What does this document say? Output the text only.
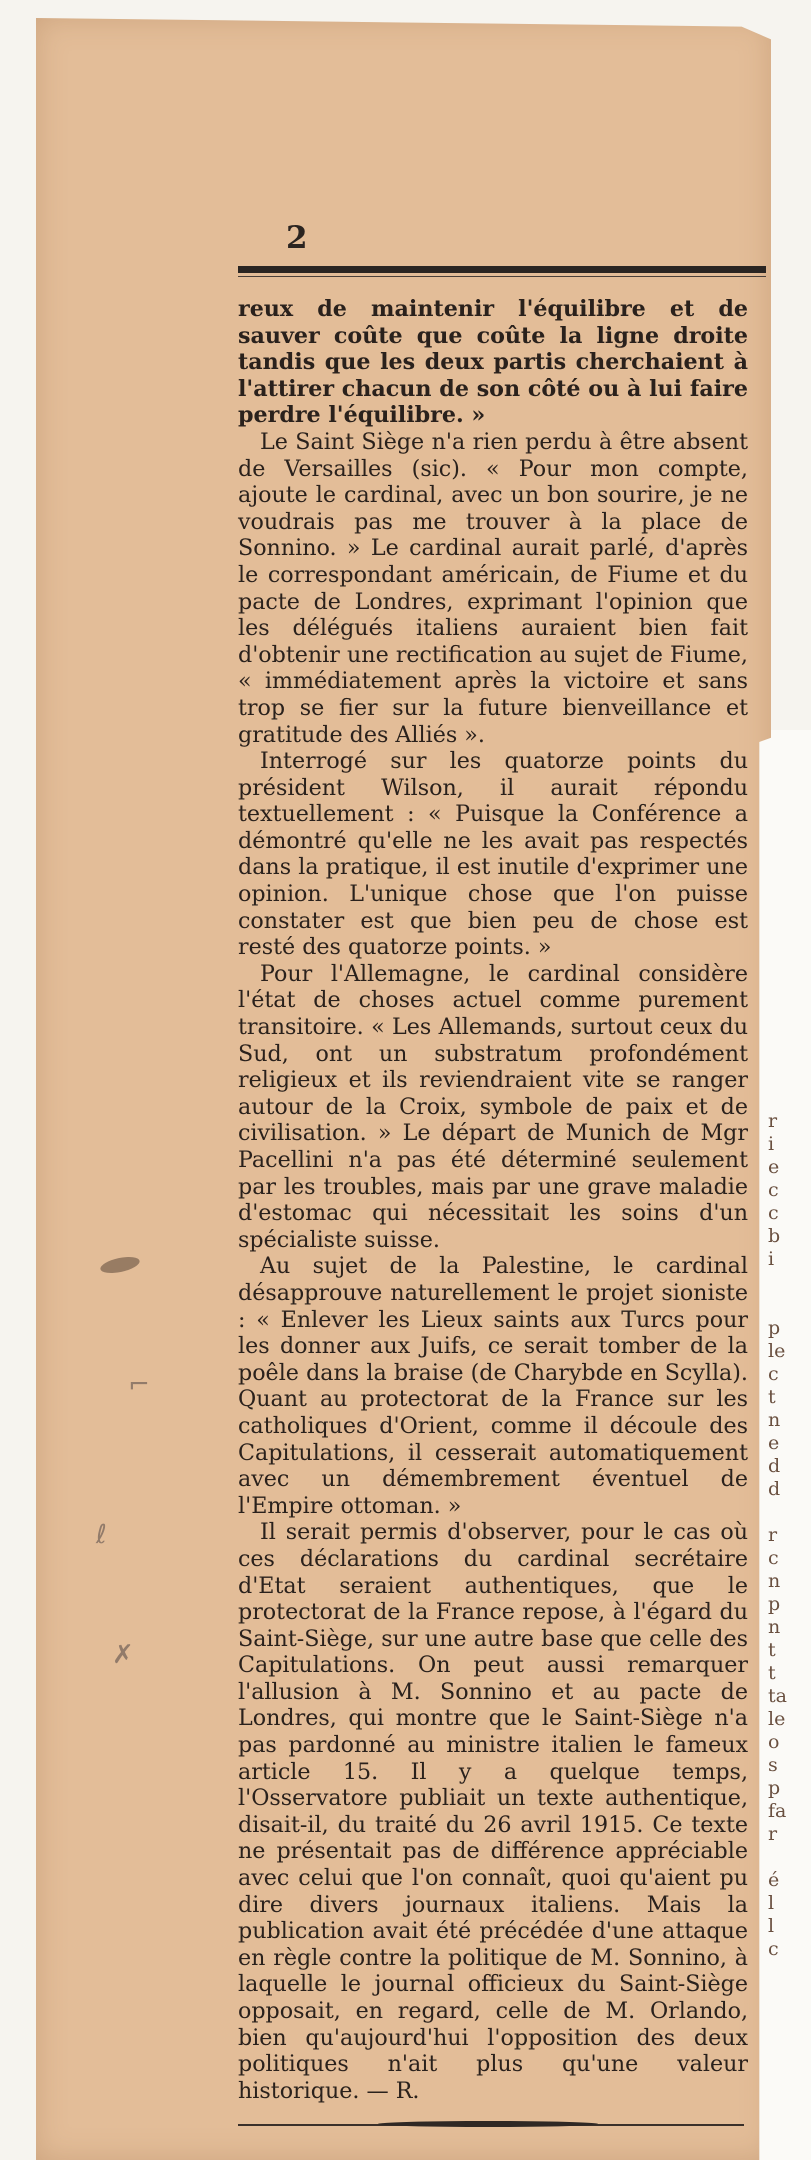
r
i
e
c
c
b
i
p
le
c
t
n
e
d
d
r
c
n
p
n
t
t
ta
le
o
s
p
fa
r
é
l
l
c
⌐
ℓ
✗
2

reux de maintenir l'équilibre et de sauver coûte que coûte la ligne droite tandis que les deux partis cherchaient à l'attirer chacun de son côté ou à lui faire perdre l'équilibre. »

Le Saint Siège n'a rien perdu à être absent de Versailles (sic). « Pour mon compte, ajoute le cardinal, avec un bon sourire, je ne voudrais pas me trouver à la place de Sonnino. » Le cardinal aurait parlé, d'après le correspondant américain, de Fiume et du pacte de Londres, exprimant l'opinion que les délégués italiens auraient bien fait d'obtenir une rectification au sujet de Fiume, « immédiatement après la victoire et sans trop se fier sur la future bienveillance et gratitude des Alliés ».

Interrogé sur les quatorze points du président Wilson, il aurait répondu textuellement : « Puisque la Conférence a démontré qu'elle ne les avait pas respectés dans la pratique, il est inutile d'exprimer une opinion. L'unique chose que l'on puisse constater est que bien peu de chose est resté des quatorze points. »

Pour l'Allemagne, le cardinal considère l'état de choses actuel comme purement transitoire. « Les Allemands, surtout ceux du Sud, ont un substratum profondément religieux et ils reviendraient vite se ranger autour de la Croix, symbole de paix et de civilisation. » Le départ de Munich de Mgr Pacellini n'a pas été déterminé seulement par les troubles, mais par une grave maladie d'estomac qui nécessitait les soins d'un spécialiste suisse.

Au sujet de la Palestine, le cardinal désapprouve naturellement le projet sioniste : « Enlever les Lieux saints aux Turcs pour les donner aux Juifs, ce serait tomber de la poêle dans la braise (de Charybde en Scylla). Quant au protectorat de la France sur les catholiques d'Orient, comme il découle des Capitulations, il cesserait automatiquement avec un démembrement éventuel de l'Empire ottoman. »

Il serait permis d'observer, pour le cas où ces déclarations du cardinal secrétaire d'Etat seraient authentiques, que le protectorat de la France repose, à l'égard du Saint-Siège, sur une autre base que celle des Capitulations. On peut aussi remarquer l'allusion à M. Sonnino et au pacte de Londres, qui montre que le Saint-Siège n'a pas pardonné au ministre italien le fameux article 15. Il y a quelque temps, l'Osservatore publiait un texte authentique, disait-il, du traité du 26 avril 1915. Ce texte ne présentait pas de différence appréciable avec celui que l'on connaît, quoi qu'aient pu dire divers journaux italiens. Mais la publication avait été précédée d'une attaque en règle contre la politique de M. Sonnino, à laquelle le journal officieux du Saint-Siège opposait, en regard, celle de M. Orlando, bien qu'aujourd'hui l'opposition des deux politiques n'ait plus qu'une valeur historique. — R.
